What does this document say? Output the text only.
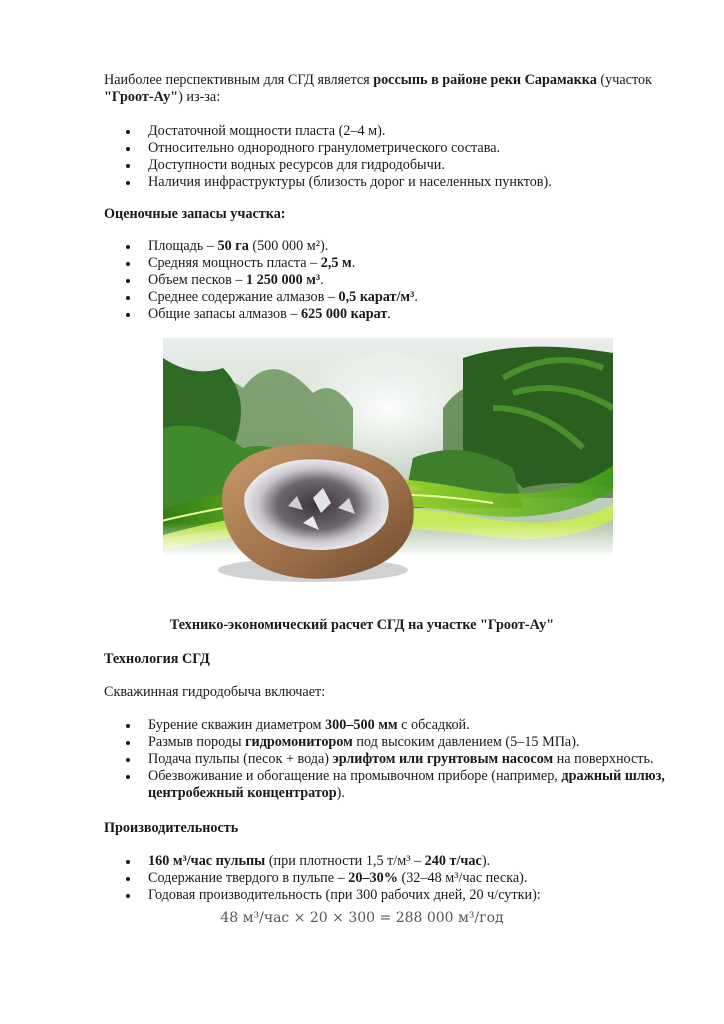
Наиболее перспективным для СГД является россыпь в районе реки Сарамакка (участок "Гроот-Ау") из-за:

Достаточной мощности пласта (2–4 м).
Относительно однородного гранулометрического состава.
Доступности водных ресурсов для гидродобычи.
Наличия инфраструктуры (близость дорог и населенных пунктов).

Оценочные запасы участка:

Площадь – 50 га (500 000 м²).
Средняя мощность пласта – 2,5 м.
Объем песков – 1 250 000 м³.
Среднее содержание алмазов – 0,5 карат/м³.
Общие запасы алмазов – 625 000 карат.

Технико-экономический расчет СГД на участке "Гроот-Ау"

Технология СГД

Скважинная гидродобыча включает:

Бурение скважин диаметром 300–500 мм с обсадкой.
Размыв породы гидромонитором под высоким давлением (5–15 МПа).
Подача пульпы (песок + вода) эрлифтом или грунтовым насосом на поверхность.
Обезвоживание и обогащение на промывочном приборе (например, дражный шлюз, центробежный концентратор).

Производительность

160 м³/час пульпы (при плотности 1,5 т/м³ – 240 т/час).
Содержание твердого в пульпе – 20–30% (32–48 м³/час песка).
Годовая производительность (при 300 рабочих дней, 20 ч/сутки):

48 м³/час × 20 × 300 = 288 000 м³/год
